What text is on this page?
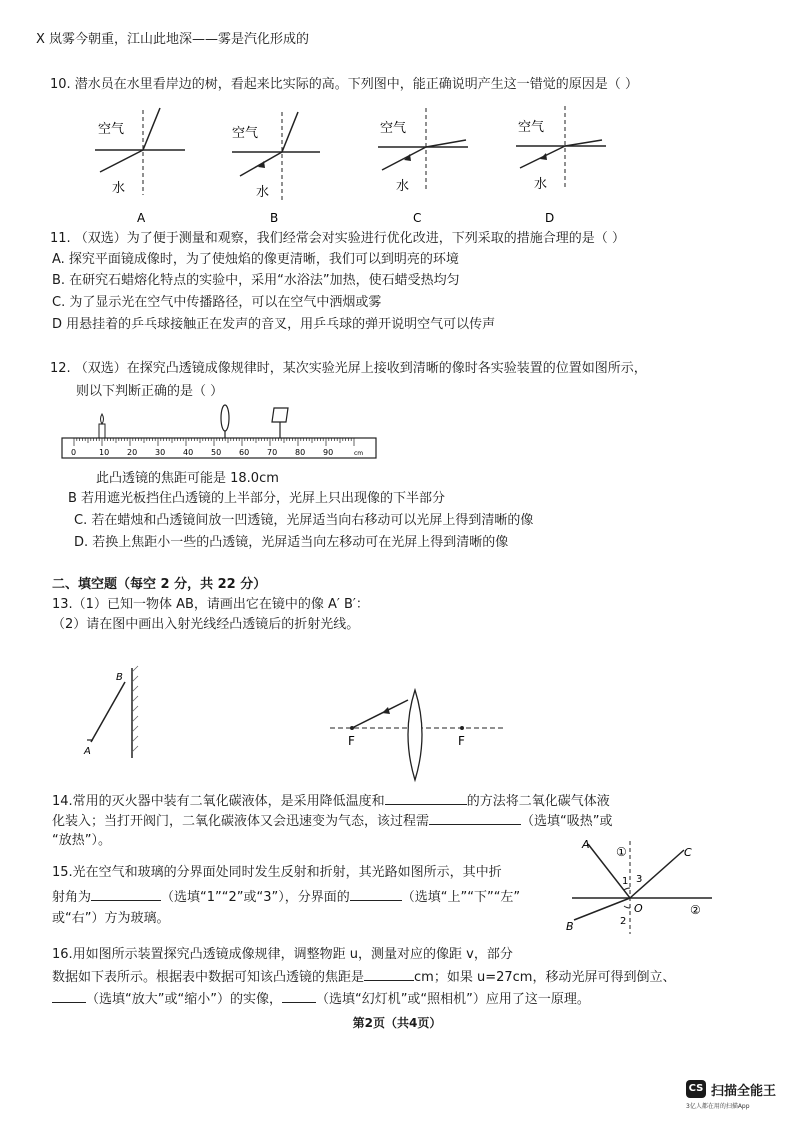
X 岚雾今朝重，江山此地深——雾是汽化形成的
10. 潜水员在水里看岸边的树，看起来比实际的高。下列图中，能正确说明产生这一错觉的原因是（ ）
空气
水
A
空气
水
B
空气
水
C
空气
水
D
11. （双选）为了便于测量和观察，我们经常会对实验进行优化改进，下列采取的措施合理的是（ ）
A. 探究平面镜成像时，为了使烛焰的像更清晰，我们可以到明亮的环境
B. 在研究石蜡熔化特点的实验中，采用“水浴法”加热，使石蜡受热均匀
C. 为了显示光在空气中传播路径，可以在空气中洒烟或雾
D 用悬挂着的乒乓球接触正在发声的音叉，用乒乓球的弹开说明空气可以传声
12. （双选）在探究凸透镜成像规律时，某次实验光屏上接收到清晰的像时各实验装置的位置如图所示，
则以下判断正确的是（ ）
0	10 20 30 40 50 60 70 80 90	cm
此凸透镜的焦距可能是 18.0cm
B 若用遮光板挡住凸透镜的上半部分，光屏上只出现像的下半部分
C. 若在蜡烛和凸透镜间放一凹透镜，光屏适当向右移动可以光屏上得到清晰的像
D. 若换上焦距小一些的凸透镜，光屏适当向左移动可在光屏上得到清晰的像
二、填空题（每空 2 分，共 22 分）
13.（1）已知一物体 AB，请画出它在镜中的像 A′ B′：
（2）请在图中画出入射光线经凸透镜后的折射光线。
B
A
F	F
14.常用的灭火器中装有二氧化碳液体，是采用降低温度和	的方法将二氧化碳气体液
化装入；当打开阀门，二氧化碳液体又会迅速变为气态，该过程需	（选填“吸热”或
“放热”）。
15.光在空气和玻璃的分界面处同时发生反射和折射，其光路如图所示，其中折
射角为	（选填“1”“2”或“3”），分界面的	（选填“上”“下”“左”
或“右”）方为玻璃。
A
C
B
O
①
②
1 3
2
16.用如图所示装置探究凸透镜成像规律，调整物距 u，测量对应的像距 v，部分
数据如下表所示。根据表中数据可知该凸透镜的焦距是	cm；如果 u=27cm，移动光屏可得到倒立、
（选填“放大”或“缩小”）的实像，	（选填“幻灯机”或“照相机”）应用了这一原理。
第2页（共4页）
CS 扫描全能王
3亿人都在用的扫描App
